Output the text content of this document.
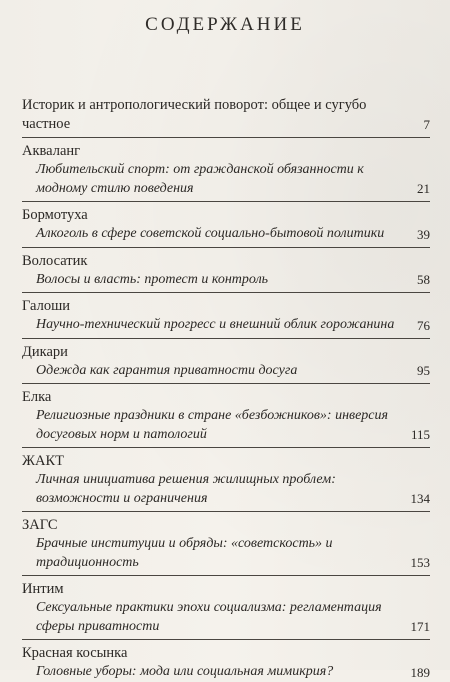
СОДЕРЖАНИЕ
Историк и антропологический поворот: общее и сугубо частное	7
Акваланг
Любительский спорт: от гражданской обязанности к модному стилю поведения	21
Бормотуха
Алкоголь в сфере советской социально-бытовой политики	39
Волосатик
Волосы и власть: протест и контроль	58
Галоши
Научно-технический прогресс и внешний облик горожанина 76
Дикари
Одежда как гарантия приватности досуга	95
Елка
Религиозные праздники в стране «безбожников»: инверсия досуговых норм и патологий	115
ЖАКТ
Личная инициатива решения жилищных проблем: возможности и ограничения	134
ЗАГС
Брачные институции и обряды: «советскость» и традиционность	153
Интим
Сексуальные практики эпохи социализма: регламентация сферы приватности	171
Красная косынка
Головные уборы: мода или социальная мимикрия?	189
